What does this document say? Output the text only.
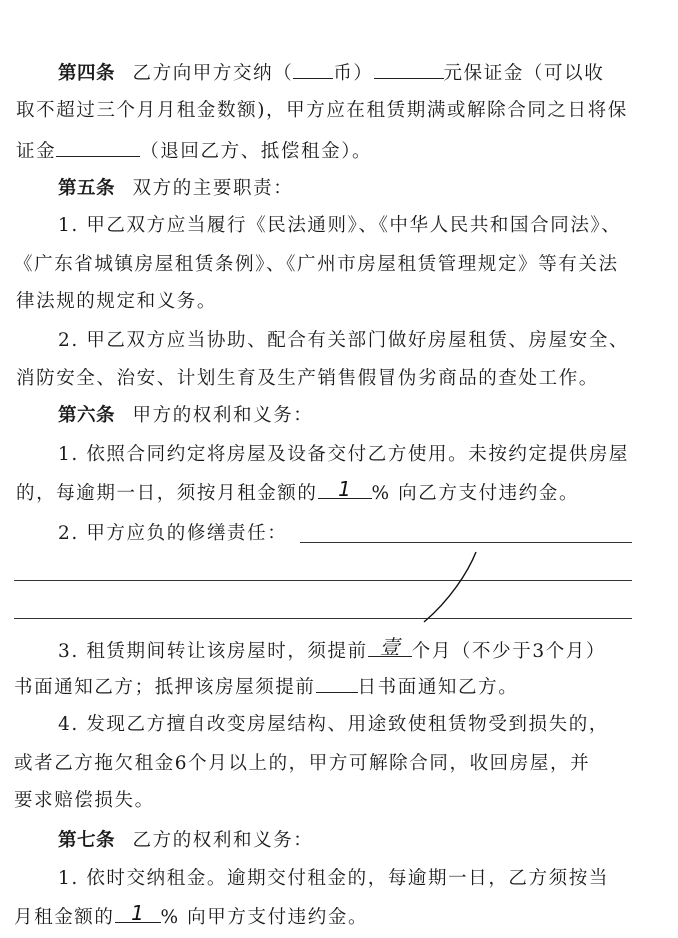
第四条 乙方向甲方交纳（ 币）	元保证金（可以收
取不超过三个月月租金数额)，甲方应在租赁期满或解除合同之日将保
证金	（退回乙方、抵偿租金）。
第五条 双方的主要职责：
1. 甲乙双方应当履行《民法通则》、《中华人民共和国合同法》、
《广东省城镇房屋租赁条例》、《广州市房屋租赁管理规定》等有关法
律法规的规定和义务。
2. 甲乙双方应当协助、配合有关部门做好房屋租赁、房屋安全、
消防安全、治安、计划生育及生产销售假冒伪劣商品的查处工作。
第六条 甲方的权利和义务：
1. 依照合同约定将房屋及设备交付乙方使用。未按约定提供房屋
的，每逾期一日，须按月租金额的 1 % 向乙方支付违约金。
2. 甲方应负的修缮责任：
3. 租赁期间转让该房屋时，须提前 壹 个月（不少于3个月）
书面通知乙方；抵押该房屋须提前 日书面通知乙方。
4. 发现乙方擅自改变房屋结构、用途致使租赁物受到损失的，
或者乙方拖欠租金6个月以上的，甲方可解除合同，收回房屋，并
要求赔偿损失。
第七条 乙方的权利和义务：
1. 依时交纳租金。逾期交付租金的，每逾期一日，乙方须按当
月租金额的 1 % 向甲方支付违约金。
